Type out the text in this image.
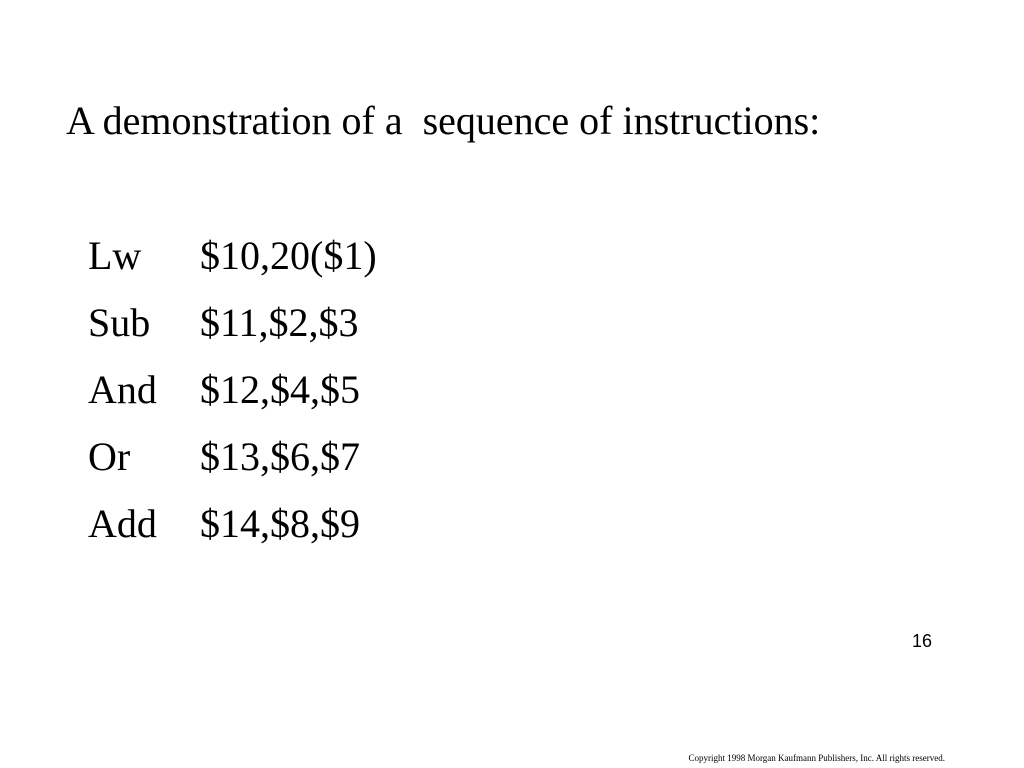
A demonstration of a  sequence of instructions:
Lw $10,20($1)
Sub $11,$2,$3
And $12,$4,$5
Or $13,$6,$7
Add $14,$8,$9
16
Copyright 1998 Morgan Kaufmann Publishers, Inc. All rights reserved.
